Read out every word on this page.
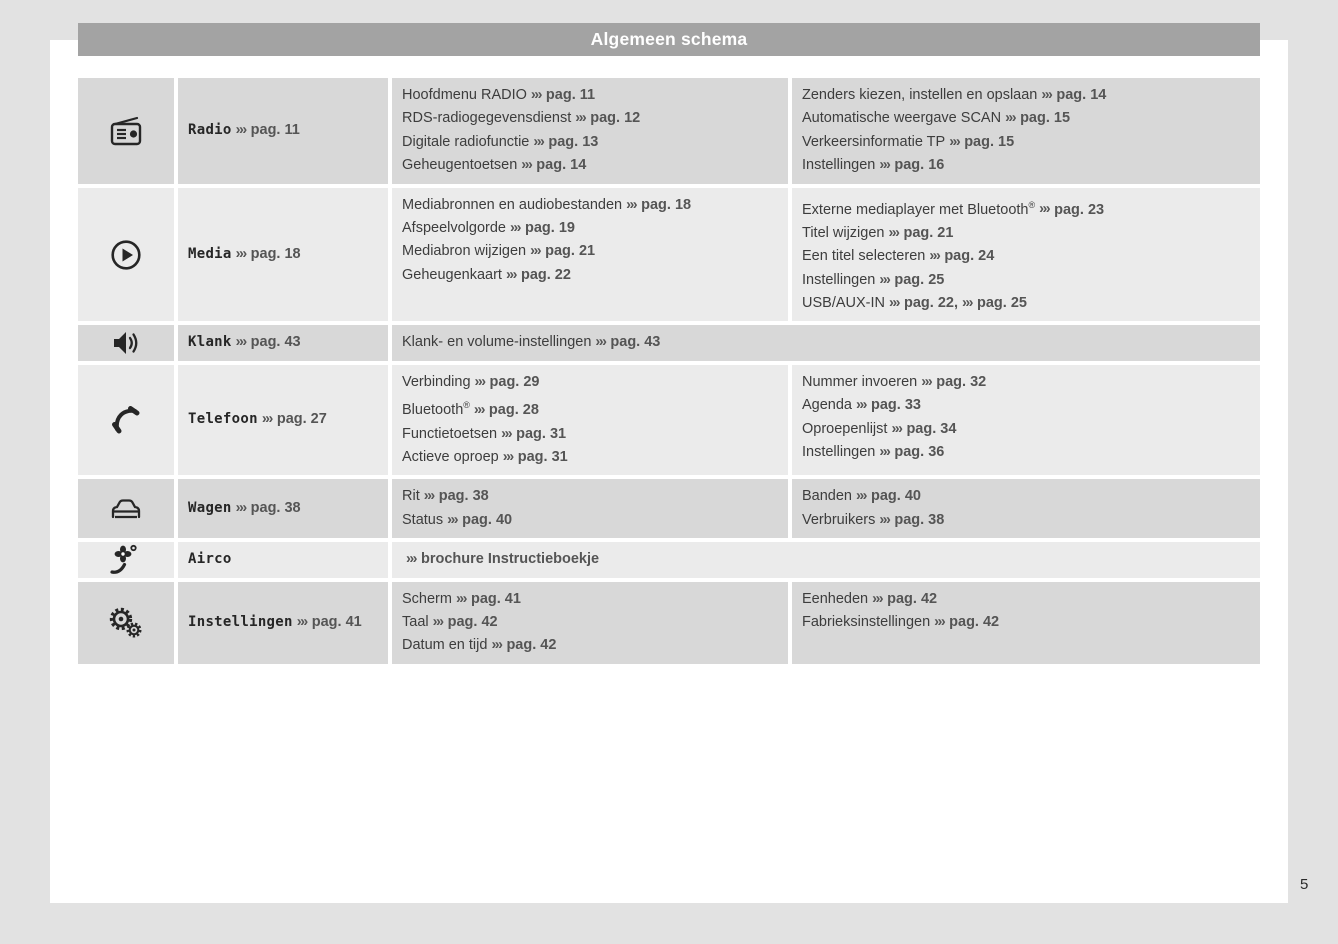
Algemeen schema

Radio ››› pag. 11

Hoofdmenu RADIO ››› pag. 11

RDS-radiogegevensdienst ››› pag. 12

Digitale radiofunctie ››› pag. 13

Geheugentoetsen ››› pag. 14

Zenders kiezen, instellen en opslaan ››› pag. 14

Automatische weergave SCAN ››› pag. 15

Verkeersinformatie TP ››› pag. 15

Instellingen ››› pag. 16

Media ››› pag. 18

Mediabronnen en audiobestanden ››› pag. 18

Afspeelvolgorde ››› pag. 19

Mediabron wijzigen ››› pag. 21

Geheugenkaart ››› pag. 22

Externe mediaplayer met Bluetooth® ››› pag. 23

Titel wijzigen ››› pag. 21

Een titel selecteren ››› pag. 24

Instellingen ››› pag. 25

USB/AUX-IN ››› pag. 22, ››› pag. 25

Klank ››› pag. 43	Klank- en volume-instellingen ››› pag. 43

Telefoon ››› pag. 27

Verbinding ››› pag. 29

Bluetooth® ››› pag. 28

Functietoetsen ››› pag. 31

Actieve oproep ››› pag. 31

Nummer invoeren ››› pag. 32

Agenda ››› pag. 33

Oproepenlijst ››› pag. 34

Instellingen ››› pag. 36

Wagen ››› pag. 38

Rit ››› pag. 38

Status ››› pag. 40

Banden ››› pag. 40

Verbruikers ››› pag. 38

Airco	››› brochure Instructieboekje

Instellingen ››› pag. 41

Scherm ››› pag. 41

Taal ››› pag. 42

Datum en tijd ››› pag. 42

Eenheden ››› pag. 42

Fabrieksinstellingen ››› pag. 42

5
